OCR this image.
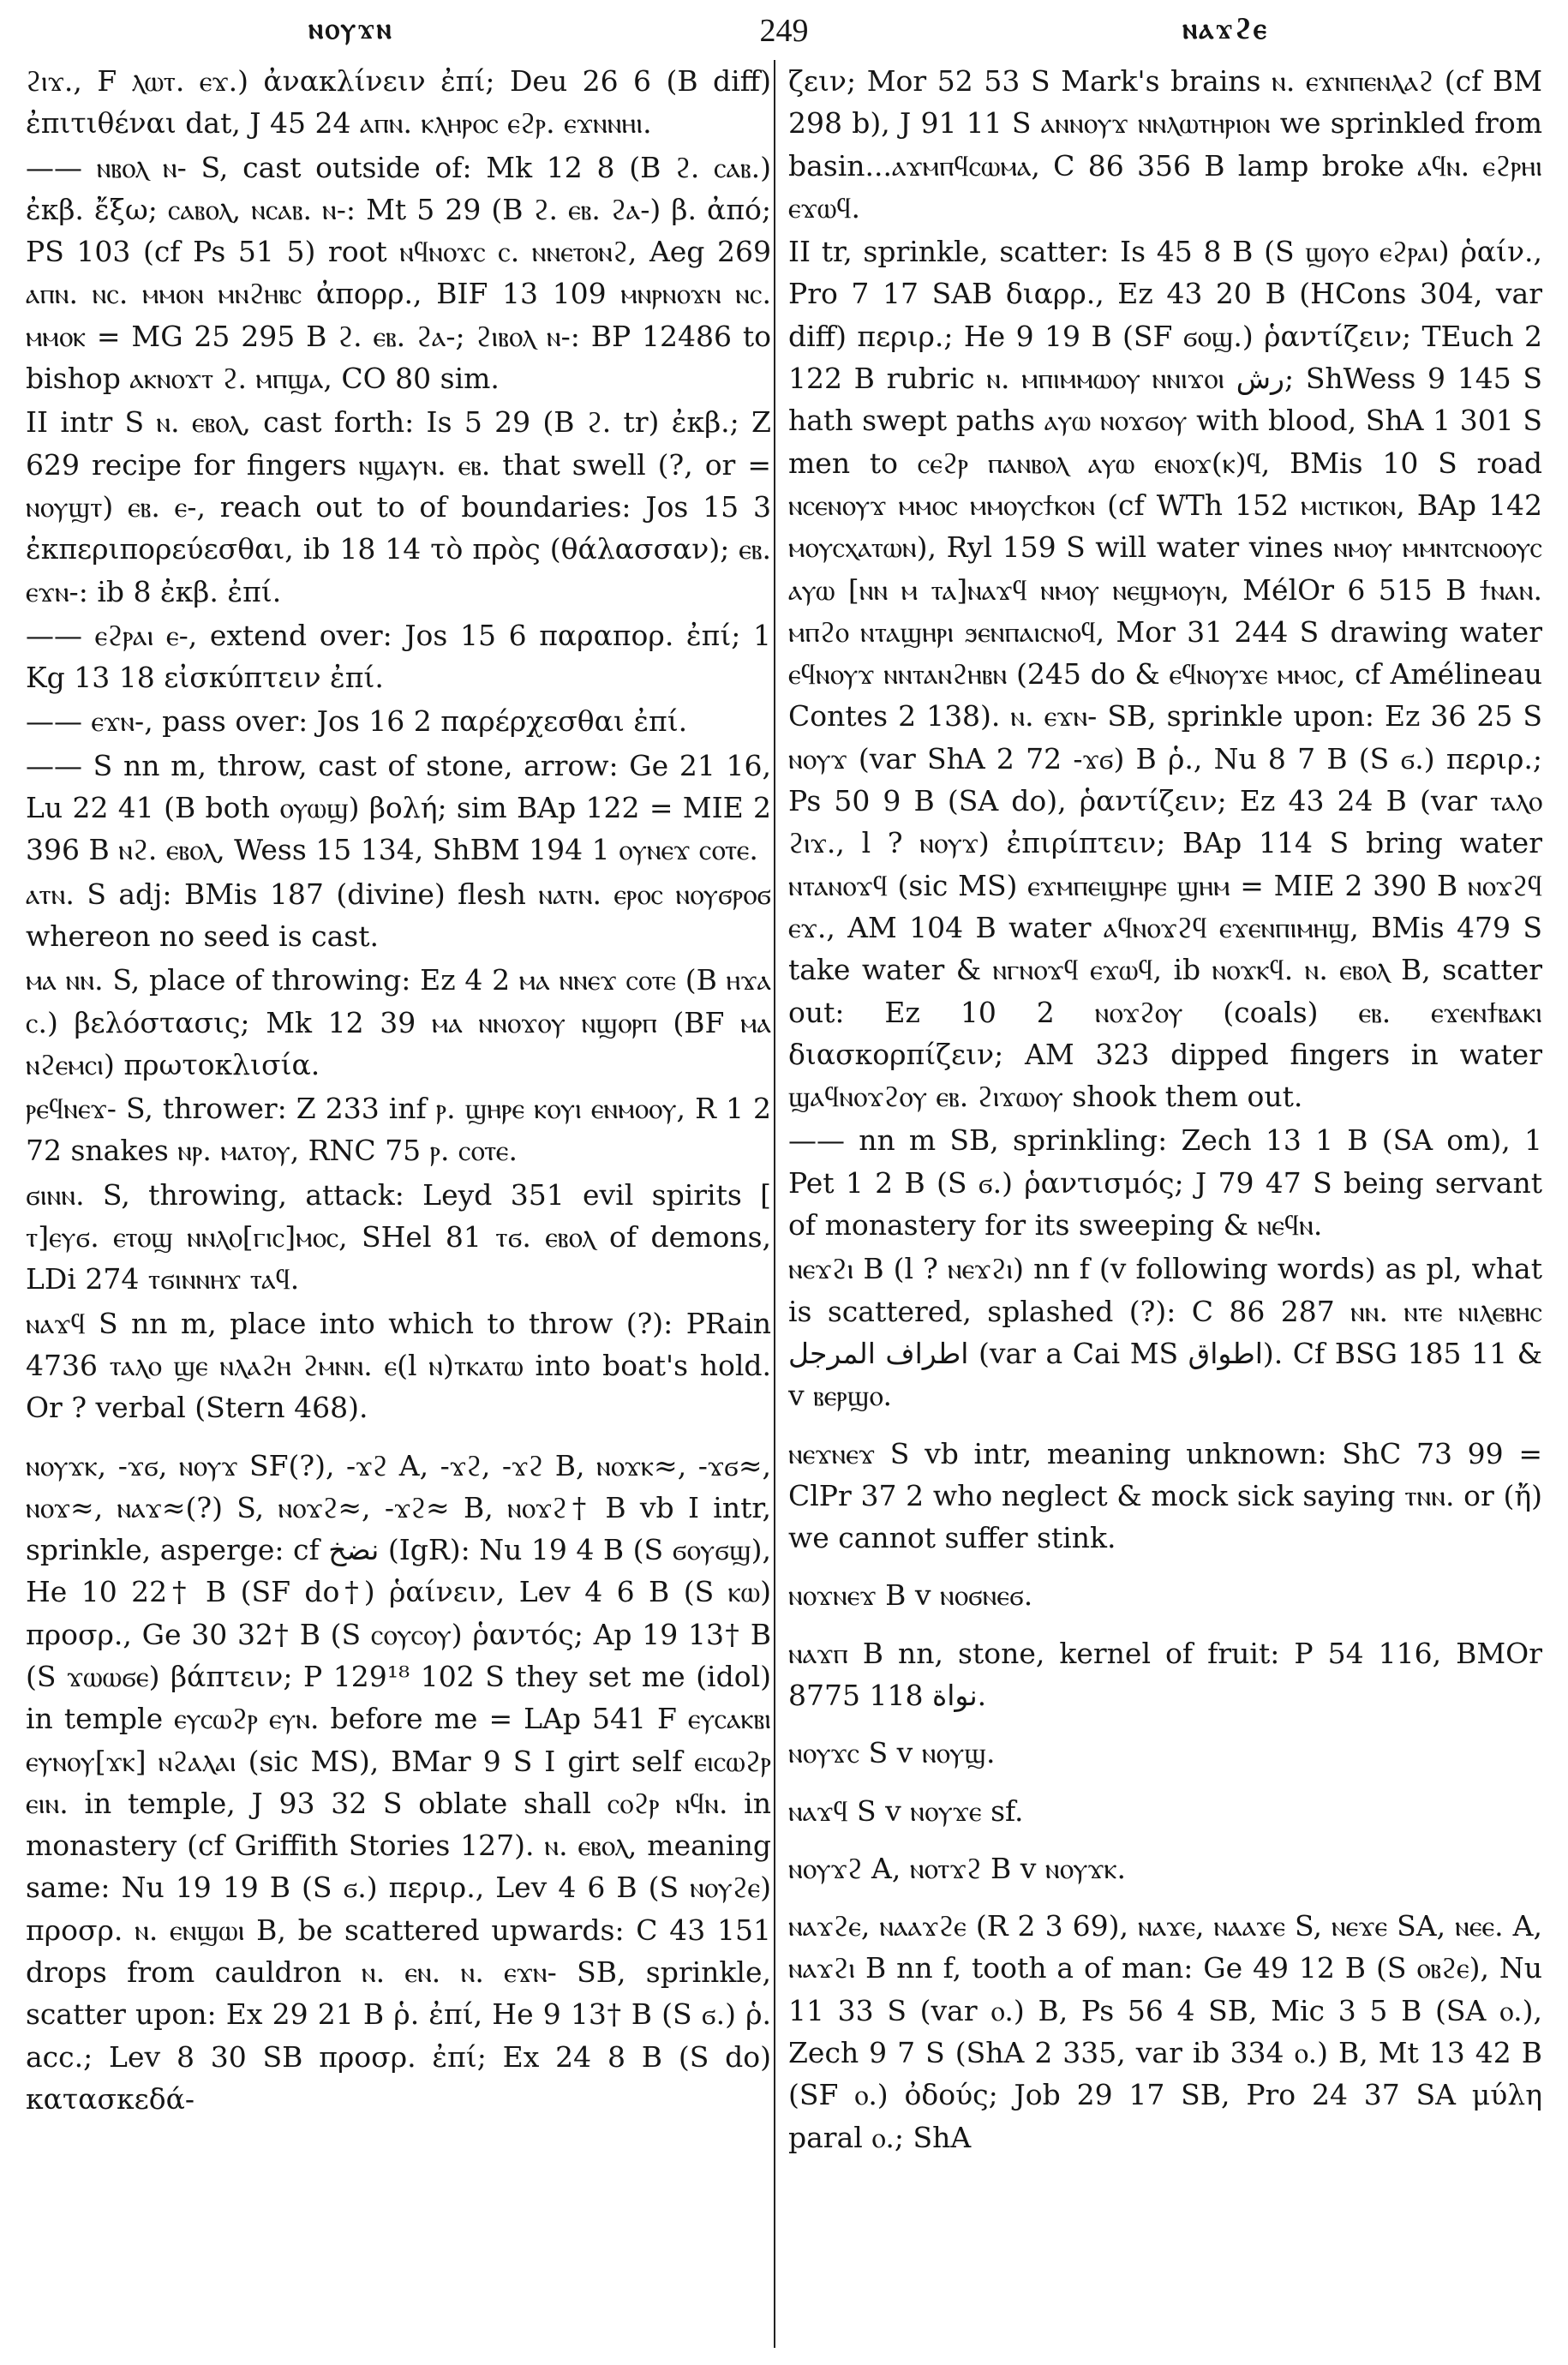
ⲛⲟⲩϫⲛ	249	ⲛⲁϫϩⲉ

ϩⲓϫ., F ⲗⲱⲧ. ⲉϫ.) ἀνακλίνειν ἐπί; Deu 26 6 (B diff) ἐπιτιθέναι dat, J 45 24 ⲁⲡⲛ. ⲕⲗⲏⲣⲟⲥ ⲉϩⲣ. ⲉϫⲛⲛⲏⲓ.

—— ⲛⲃⲟⲗ ⲛ- S, cast outside of: Mk 12 8 (B ϩ. ⲥⲁⲃ.) ἐκβ. ἔξω; ⲥⲁⲃⲟⲗ, ⲛⲥⲁⲃ. ⲛ-: Mt 5 29 (B ϩ. ⲉⲃ. ϩⲁ-) β. ἀπό; PS 103 (cf Ps 51 5) root ⲛϥⲛⲟϫⲥ ⲥ. ⲛⲛⲉⲧⲟⲛϩ, Aeg 269 ⲁⲡⲛ. ⲛⲥ. ⲙⲙⲟⲛ ⲙⲛϩⲏⲃⲥ ἀπορρ., BIF 13 109 ⲙⲛⲣⲛⲟϫⲛ ⲛⲥ. ⲙⲙⲟⲕ = MG 25 295 B ϩ. ⲉⲃ. ϩⲁ-; ϩⲓⲃⲟⲗ ⲛ-: BP 12486 to bishop ⲁⲕⲛⲟϫⲧ ϩ. ⲙⲡϣⲁ, CO 80 sim.

II intr S ⲛ. ⲉⲃⲟⲗ, cast forth: Is 5 29 (B ϩ. tr) ἐκβ.; Z 629 recipe for fingers ⲛϣⲁⲩⲛ. ⲉⲃ. that swell (?, or = ⲛⲟⲩϣⲧ) ⲉⲃ. ⲉ-, reach out to of boundaries: Jos 15 3 ἐκπεριπορεύεσθαι, ib 18 14 τὸ πρὸς (θάλασσαν); ⲉⲃ. ⲉϫⲛ-: ib 8 ἐκβ. ἐπί.

—— ⲉϩⲣⲁⲓ ⲉ-, extend over: Jos 15 6 παραπορ. ἐπί; 1 Kg 13 18 εἰσκύπτειν ἐπί.

—— ⲉϫⲛ-, pass over: Jos 16 2 παρέρχεσθαι ἐπί.

—— S nn m, throw, cast of stone, arrow: Ge 21 16, Lu 22 41 (B both ⲟⲩⲱϣ) βολή; sim BAp 122 = MIE 2 396 B ⲛϩ. ⲉⲃⲟⲗ, Wess 15 134, ShBM 194 1 ⲟⲩⲛⲉϫ ⲥⲟⲧⲉ.

ⲁⲧⲛ. S adj: BMis 187 (divine) flesh ⲛⲁⲧⲛ. ⲉⲣⲟⲥ ⲛⲟⲩϭⲣⲟϭ whereon no seed is cast.

ⲙⲁ ⲛⲛ. S, place of throwing: Ez 4 2 ⲙⲁ ⲛⲛⲉϫ ⲥⲟⲧⲉ (B ⲏϫⲁ ⲥ.) βελόστασις; Mk 12 39 ⲙⲁ ⲛⲛⲟϫⲟⲩ ⲛϣⲟⲣⲡ (BF ⲙⲁ ⲛϩⲉⲙⲥⲓ) πρωτοκλισία.

ⲣⲉϥⲛⲉϫ- S, thrower: Z 233 inf ⲣ. ϣⲏⲣⲉ ⲕⲟⲩⲓ ⲉⲛⲙⲟⲟⲩ, R 1 2 72 snakes ⲛⲣ. ⲙⲁⲧⲟⲩ, RNC 75 ⲣ. ⲥⲟⲧⲉ.

ϭⲓⲛⲛ. S, throwing, attack: Leyd 351 evil spirits [ ⲧ]ⲉⲩϭ. ⲉⲧⲟϣ ⲛⲛⲗⲟ[ⲅⲓⲥ]ⲙⲟⲥ, SHel 81 ⲧϭ. ⲉⲃⲟⲗ of demons, LDi 274 ⲧϭⲓⲛⲛⲏϫ ⲧⲁϥ.

ⲛⲁϫϥ S nn m, place into which to throw (?): PRain 4736 ⲧⲁⲗⲟ ϣⲉ ⲛⲗⲁϩⲏ ϩⲙⲛⲛ. ⲉ(l ⲛ)ⲧⲕⲁⲧⲱ into boat's hold. Or ? verbal (Stern 468).

ⲛⲟⲩϫⲕ, -ϫϭ, ⲛⲟⲩϫ SF(?), -ϫϩ A, -ϫϩ, -ϫϩ B, ⲛⲟϫⲕ≈, -ϫϭ≈, ⲛⲟϫ≈, ⲛⲁϫ≈(?) S, ⲛⲟϫϩ≈, -ϫϩ≈ B, ⲛⲟϫϩ† B vb I intr, sprinkle, asperge: cf ﻧﻀﺦ (IgR): Nu 19 4 B (S ϭⲟⲩϭϣ), He 10 22† B (SF do†) ῥαίνειν, Lev 4 6 B (S ⲕⲱ) προσρ., Ge 30 32† B (S ⲥⲟⲩⲥⲟⲩ) ῥαντός; Ap 19 13† B (S ϫⲱⲱϭⲉ) βάπτειν; P 129¹⁸ 102 S they set me (idol) in temple ⲉⲩⲥⲱϩⲣ ⲉⲩⲛ. before me = LAp 541 F ⲉⲩⲥⲁⲕⲃⲓ ⲉⲩⲛⲟⲩ[ϫⲕ] ⲛϩⲁⲗⲁⲓ (sic MS), BMar 9 S I girt self ⲉⲓⲥⲱϩⲣ ⲉⲓⲛ. in temple, J 93 32 S oblate shall ⲥⲟϩⲣ ⲛϥⲛ. in monastery (cf Griffith Stories 127). ⲛ. ⲉⲃⲟⲗ, meaning same: Nu 19 19 B (S ϭ.) περιρ., Lev 4 6 B (S ⲛⲟⲩϩⲉ) προσρ. ⲛ. ⲉⲛϣⲱⲓ B, be scattered upwards: C 43 151 drops from cauldron ⲛ. ⲉⲛ. ⲛ. ⲉϫⲛ- SB, sprinkle, scatter upon: Ex 29 21 B ῥ. ἐπί, He 9 13† B (S ϭ.) ῥ. acc.; Lev 8 30 SB προσρ. ἐπί; Ex 24 8 B (S do) κατασκεδά-

ζειν; Mor 52 53 S Mark's brains ⲛ. ⲉϫⲛⲡⲉⲛⲗⲁϩ (cf BM 298 b), J 91 11 S ⲁⲛⲛⲟⲩϫ ⲛⲛⲗⲱⲧⲏⲣⲓⲟⲛ we sprinkled from basin...ⲁϫⲙⲡϥⲥⲱⲙⲁ, C 86 356 B lamp broke ⲁϥⲛ. ⲉϩⲣⲏⲓ ⲉϫⲱϥ.

II tr, sprinkle, scatter: Is 45 8 B (S ϣⲟⲩⲟ ⲉϩⲣⲁⲓ) ῥαίν., Pro 7 17 SAB διαρρ., Ez 43 20 B (HCons 304, var diff) περιρ.; He 9 19 B (SF ϭⲟϣ.) ῥαντίζειν; TEuch 2 122 B rubric ⲛ. ⲙⲡⲓⲙⲙⲱⲟⲩ ⲛⲛⲓϫⲟⲓ رش; ShWess 9 145 S hath swept paths ⲁⲩⲱ ⲛⲟϫϭⲟⲩ with blood, ShA 1 301 S men to ⲥⲉϩⲣ ⲡⲁⲛⲃⲟⲗ ⲁⲩⲱ ⲉⲛⲟϫ(ⲕ)ϥ, BMis 10 S road ⲛⲥⲉⲛⲟⲩϫ ⲙⲙⲟⲥ ⲙⲙⲟⲩⲥϯⲕⲟⲛ (cf WTh 152 ⲙⲓⲥⲧⲓⲕⲟⲛ, BAp 142 ⲙⲟⲩⲥⲭⲁⲧⲱⲛ), Ryl 159 S will water vines ⲛⲙⲟⲩ ⲙⲙⲛⲧⲥⲛⲟⲟⲩⲥ ⲁⲩⲱ [ⲛⲛ ⲙ ⲧⲁ]ⲛⲁϫϥ ⲛⲙⲟⲩ ⲛⲉϣⲙⲟⲩⲛ, MélOr 6 515 B ϯⲛⲁⲛ. ⲙⲡϩⲟ ⲛⲧⲁϣⲏⲣⲓ ϧⲉⲛⲡⲁⲓⲥⲛⲟϥ, Mor 31 244 S drawing water ⲉϥⲛⲟⲩϫ ⲛⲛⲧⲁⲛϩⲏⲃⲛ (245 do & ⲉϥⲛⲟⲩϫⲉ ⲙⲙⲟⲥ, cf Amélineau Contes 2 138). ⲛ. ⲉϫⲛ- SB, sprinkle upon: Ez 36 25 S ⲛⲟⲩϫ (var ShA 2 72 -ϫϭ) B ῥ., Nu 8 7 B (S ϭ.) περιρ.; Ps 50 9 B (SA do), ῥαντίζειν; Ez 43 24 B (var ⲧⲁⲗⲟ ϩⲓϫ., l ? ⲛⲟⲩϫ) ἐπιρίπτειν; BAp 114 S bring water ⲛⲧⲁⲛⲟϫϥ (sic MS) ⲉϫⲙⲡⲉⲓϣⲏⲣⲉ ϣⲏⲙ = MIE 2 390 B ⲛⲟϫϩϥ ⲉϫ., AM 104 B water ⲁϥⲛⲟϫϩϥ ⲉϫⲉⲛⲡⲓⲙⲏϣ, BMis 479 S take water & ⲛⲅⲛⲟϫϥ ⲉϫⲱϥ, ib ⲛⲟϫⲕϥ. ⲛ. ⲉⲃⲟⲗ B, scatter out: Ez 10 2 ⲛⲟϫϩⲟⲩ (coals) ⲉⲃ. ⲉϫⲉⲛϯⲃⲁⲕⲓ διασκορπίζειν; AM 323 dipped fingers in water ϣⲁϥⲛⲟϫϩⲟⲩ ⲉⲃ. ϩⲓϫⲱⲟⲩ shook them out.

—— nn m SB, sprinkling: Zech 13 1 B (SA om), 1 Pet 1 2 B (S ϭ.) ῥαντισμός; J 79 47 S being servant of monastery for its sweeping & ⲛⲉϥⲛ.

ⲛⲉϫϩⲓ B (l ? ⲛⲉϫϩⲓ) nn f (v following words) as pl, what is scattered, splashed (?): C 86 287 ⲛⲛ. ⲛⲧⲉ ⲛⲓⲗⲉⲃⲏⲥ اطراف المرجل (var a Cai MS اطواق). Cf BSG 185 11 & v ⲃⲉⲣϣⲟ.

ⲛⲉϫⲛⲉϫ S vb intr, meaning unknown: ShC 73 99 = ClPr 37 2 who neglect & mock sick saying ⲧⲛⲛ. or (ἤ) we cannot suffer stink.

ⲛⲟϫⲛⲉϫ B v ⲛⲟϭⲛⲉϭ.

ⲛⲁϫⲡ B nn, stone, kernel of fruit: P 54 116, BMOr 8775 118 نواة.

ⲛⲟⲩϫⲥ S v ⲛⲟⲩϣ.

ⲛⲁϫϥ S v ⲛⲟⲩϫⲉ sf.

ⲛⲟⲩϫϩ A, ⲛⲟⲧϫϩ B v ⲛⲟⲩϫⲕ.

ⲛⲁϫϩⲉ, ⲛⲁⲁϫϩⲉ (R 2 3 69), ⲛⲁϫⲉ, ⲛⲁⲁϫⲉ S, ⲛⲉϫⲉ SA, ⲛⲉⲉ. A, ⲛⲁϫϩⲓ B nn f, tooth a of man: Ge 49 12 B (S ⲟⲃϩⲉ), Nu 11 33 S (var ⲟ.) B, Ps 56 4 SB, Mic 3 5 B (SA ⲟ.), Zech 9 7 S (ShA 2 335, var ib 334 ⲟ.) B, Mt 13 42 B (SF ⲟ.) ὀδούς; Job 29 17 SB, Pro 24 37 SA μύλη paral ⲟ.; ShA
